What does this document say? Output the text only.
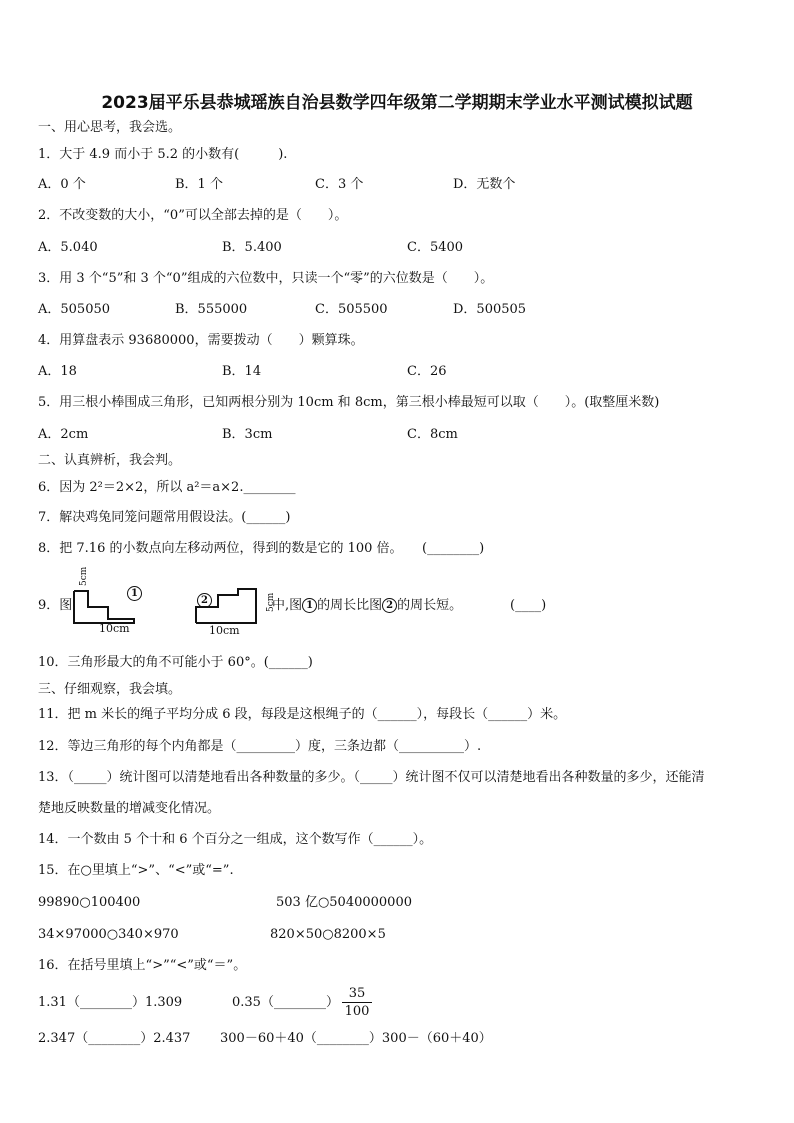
2023届平乐县恭城瑶族自治县数学四年级第二学期期末学业水平测试模拟试题
一、用心思考，我会选。
1．大于 4.9 而小于 5.2 的小数有(　　　).
A．0 个	B．1 个	C．3 个	D．无数个
2．不改变数的大小，“0”可以全部去掉的是（　　）。
A．5.040	B．5.400	C．5400
3．用 3 个“5”和 3 个“0”组成的六位数中，只读一个“零”的六位数是（　　）。
A．505050	B．555000	C．505500	D．500505
4．用算盘表示 93680000，需要拨动（　　）颗算珠。
A．18	B．14	C．26
5．用三根小棒围成三角形，已知两根分别为 10cm 和 8cm，第三根小棒最短可以取（　　）。(取整厘米数)
A．2cm	B．3cm	C．8cm
二、认真辨析，我会判。
6．因为 2²＝2×2，所以 a²＝a×2.________
7．解决鸡兔同笼问题常用假设法。(______)
8．把 7.16 的小数点向左移动两位，得到的数是它的 100 倍。　　(________)
9．图
5cm
1
10cm
2
10cm
5cm
中,图 1 的周长比图 2 的周长短。	(____)
10．三角形最大的角不可能小于 60°。(______)
三、仔细观察，我会填。
11．把 m 米长的绳子平均分成 6 段，每段是这根绳子的（______），每段长（______）米。
12．等边三角形的每个内角都是（_________）度，三条边都（__________）.
13．（_____）统计图可以清楚地看出各种数量的多少。（_____）统计图不仅可以清楚地看出各种数量的多少，还能清
楚地反映数量的增减变化情况。
14．一个数由 5 个十和 6 个百分之一组成，这个数写作（______）。
15．在○里填上“>”、“<”或“=”.
99890○100400	503 亿○5040000000
34×97000○340×970	820×50○8200×5
16．在括号里填上“>”“<”或“＝”。
1.31（________）1.309	0.35（________） $\frac{35}{100}$
2.347（________）2.437 300－60＋40（________）300－（60＋40）
